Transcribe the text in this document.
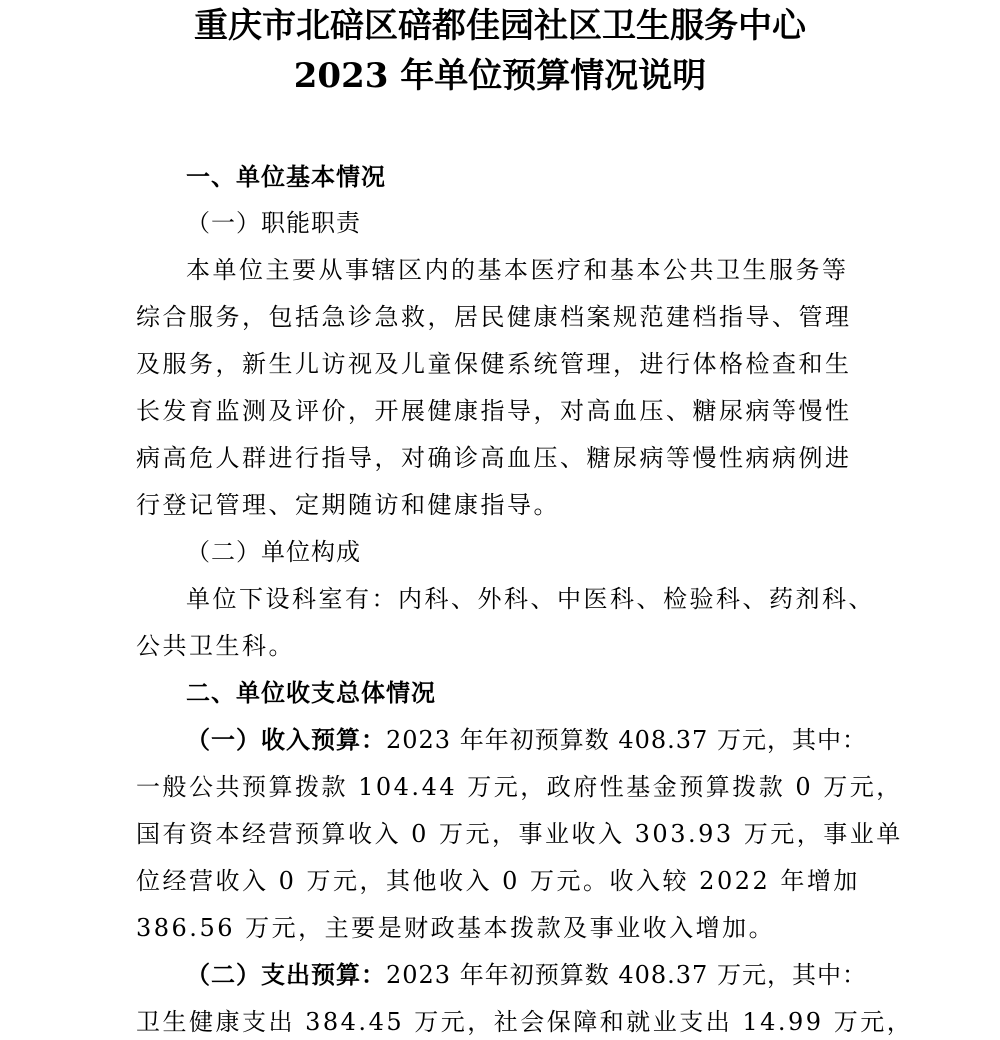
重庆市北碚区碚都佳园社区卫生服务中心
2023 年单位预算情况说明
一、单位基本情况
（一）职能职责
本单位主要从事辖区内的基本医疗和基本公共卫生服务等
综合服务，包括急诊急救，居民健康档案规范建档指导、管理
及服务，新生儿访视及儿童保健系统管理，进行体格检查和生
长发育监测及评价，开展健康指导，对高血压、糖尿病等慢性
病高危人群进行指导，对确诊高血压、糖尿病等慢性病病例进
行登记管理、定期随访和健康指导。
（二）单位构成
单位下设科室有：内科、外科、中医科、检验科、药剂科、
公共卫生科。
二、单位收支总体情况
（一）收入预算：2023 年年初预算数 408.37 万元，其中：
一般公共预算拨款 104.44 万元，政府性基金预算拨款 0 万元，
国有资本经营预算收入 0 万元，事业收入 303.93 万元，事业单
位经营收入 0 万元，其他收入 0 万元。收入较 2022 年增加
386.56 万元，主要是财政基本拨款及事业收入增加。
（二）支出预算：2023 年年初预算数 408.37 万元，其中：
卫生健康支出 384.45 万元，社会保障和就业支出 14.99 万元，
